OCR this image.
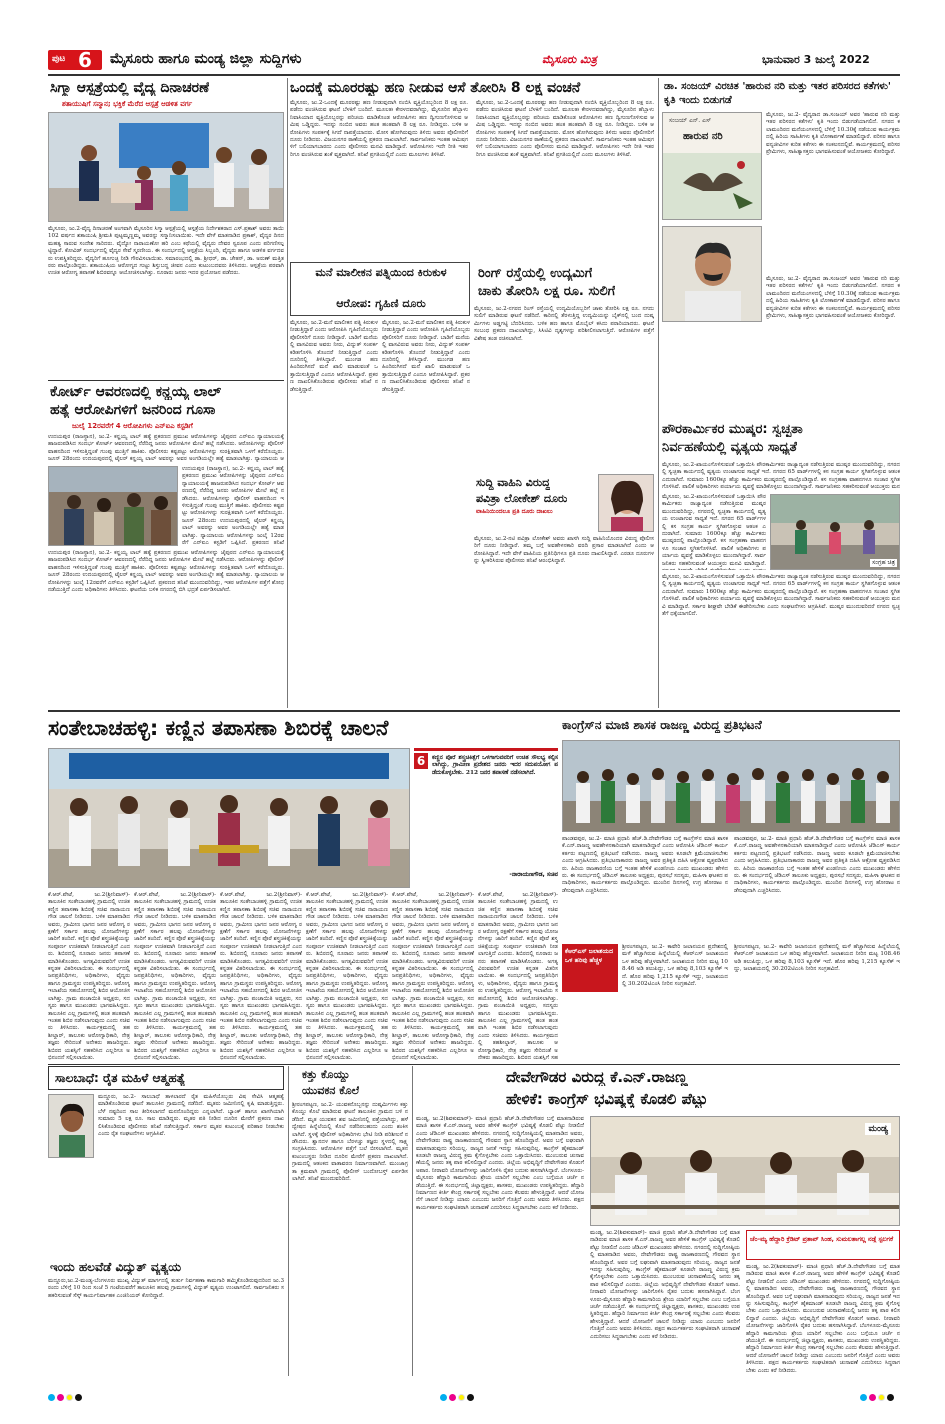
ಪುಟ 6 ಮೈಸೂರು ಹಾಗೂ ಮಂಡ್ಯ ಜಿಲ್ಲಾ ಸುದ್ದಿಗಳು	ಮೈಸೂರು ಮಿತ್ರ	ಭಾನುವಾರ 3 ಜುಲೈ 2022
ಸಿಗ್ಮಾ ಆಸ್ಪತ್ರೆಯಲ್ಲಿ ವೈದ್ಯ ದಿನಾಚರಣೆ
ಶತಾಯುಷಿಗೆ ಸನ್ಮಾನ; ಭಕ್ತಿಕೆ ಮೆರೆದ ಆಸ್ಪತ್ರೆ ಆಡಳಿತ ವರ್ಗ
ಮೈಸೂರು, ಜು.2-ವೈದ್ಯ ದಿನಾಚರಣೆ ಅಂಗವಾಗಿ ಮೈಸೂರಿನ ಸಿಗ್ಮಾ ಆಸ್ಪತ್ರೆಯಲ್ಲಿ ಆಸ್ಪತ್ರೆಯ ನಿರ್ದೇಶಕರಾದ ಎಸ್.ಪ್ರಕಾಶ್ ಅವರು ತಾಯಿ 102 ವರ್ಷದ ಶತಾಯುಷಿ ಶ್ರೀಮತಿ ಪುಟ್ಟಮ್ಮಣ್ಣಮ್ಮ ಅವರನ್ನು ಸನ್ಮಾನಿಸಲಾಯಿತು. ಇದೇ ವೇಳೆ ಮಾತನಾಡಿದ ಪ್ರಕಾಶ್, ವೈದ್ಯರ ದಿನದ ಮಹತ್ವ ಸಾರುವ ಸಂದೇಶ ಸಾರಿದರು. ವೈದ್ಯೋ ನಾರಾಯಣೋ ಹರಿ ಎಂಬ ಕಥೆಯಲ್ಲಿ ವೈದ್ಯರು ದೇವರ ಸ್ವರೂಪ ಎಂದು ಪರಿಗಣಿಸಲ್ಪಟ್ಟಿದ್ದಾರೆ. ಕೋವಿಡ್ ಸಂದರ್ಭದಲ್ಲಿ ವೈದ್ಯರ ಸೇವೆ ಸ್ಮರಣೀಯ. ಈ ಸಂದರ್ಭದಲ್ಲಿ ಆಸ್ಪತ್ರೆಯ ಸಿಬ್ಬಂದಿ, ವೈದ್ಯರು ಹಾಗೂ ಆಡಳಿತ ವರ್ಗದವರು ಉಪಸ್ಥಿತರಿದ್ದರು. ವೈದ್ಯರಿಗೆ ಹೂಗುಚ್ಛ ನೀಡಿ ಗೌರವಿಸಲಾಯಿತು. ಸಮಾರಂಭದಲ್ಲಿ ಡಾ. ಶ್ರೀಧರ್, ಡಾ. ಚೇತನ್, ಡಾ. ಅರುಣ್ ಮತ್ತಿತರರು ಪಾಲ್ಗೊಂಡಿದ್ದರು. ಶತಾಯುಷಿಯ ಆರೋಗ್ಯದ ಗುಟ್ಟು ಶಿಸ್ತುಬದ್ಧ ಜೀವನ ಎಂದು ಕುಟುಂಬದವರು ತಿಳಿಸಿದರು. ಆಸ್ಪತ್ರೆಯ ಪರವಾಗಿ ಉಚಿತ ಆರೋಗ್ಯ ತಪಾಸಣೆ ಶಿಬಿರವನ್ನೂ ಆಯೋಜಿಸಲಾಗಿತ್ತು. ನೂರಾರು ಜನರು ಇದರ ಪ್ರಯೋಜನ ಪಡೆದರು.
ಕೋರ್ಟ್ ಆವರಣದಲ್ಲಿ ಕನ್ಹಯ್ಯ ಲಾಲ್
ಹತ್ಯೆ ಆರೋಪಿಗಳಿಗೆ ಜನರಿಂದ ಗೂಸಾ
ಜುಲೈ 12ರವರೆಗೆ 4 ಆರೋಪಿಗಳು ಎನ್‌ಐಎ ಕಸ್ಟಡಿಗೆ
ಉದಯಪುರ (ರಾಜಸ್ಥಾನ), ಜು.2- ಕನ್ಹಯ್ಯ ಲಾಲ್ ಹತ್ಯೆ ಪ್ರಕರಣದ ಪ್ರಮುಖ ಆರೋಪಿಗಳನ್ನು ಜೈಪುರದ ಎನ್‌ಐಎ ನ್ಯಾಯಾಲಯಕ್ಕೆ ಹಾಜರುಪಡಿಸಿದ ಸಂದರ್ಭ ಕೋರ್ಟ್ ಆವರಣದಲ್ಲಿ ನೆರೆದಿದ್ದ ಜನರು ಆರೋಪಿಗಳ ಮೇಲೆ ಹಲ್ಲೆ ನಡೆಸಿದರು. ಆರೋಪಿಗಳನ್ನು ಪೊಲೀಸ್ ವಾಹನದಿಂದ ಇಳಿಸುತ್ತಿದ್ದಂತೆ ಗುಂಪು ಮುತ್ತಿಗೆ ಹಾಕಿತು. ಪೊಲೀಸರು ಕಷ್ಟಪಟ್ಟು ಆರೋಪಿಗಳನ್ನು ಸುರಕ್ಷಿತವಾಗಿ ಒಳಗೆ ಕರೆದೊಯ್ದರು. ಜೂನ್ 28ರಂದು ಉದಯಪುರದಲ್ಲಿ ಟೈಲರ್ ಕನ್ಹಯ್ಯ ಲಾಲ್ ಅವರನ್ನು ಅವರ ಅಂಗಡಿಯಲ್ಲೇ ಹತ್ಯೆ ಮಾಡಲಾಗಿತ್ತು. ನ್ಯಾಯಾಲಯ ಆ
ಉದಯಪುರ (ರಾಜಸ್ಥಾನ), ಜು.2- ಕನ್ಹಯ್ಯ ಲಾಲ್ ಹತ್ಯೆ ಪ್ರಕರಣದ ಪ್ರಮುಖ ಆರೋಪಿಗಳನ್ನು ಜೈಪುರದ ಎನ್‌ಐಎ ನ್ಯಾಯಾಲಯಕ್ಕೆ ಹಾಜರುಪಡಿಸಿದ ಸಂದರ್ಭ ಕೋರ್ಟ್ ಆವರಣದಲ್ಲಿ ನೆರೆದಿದ್ದ ಜನರು ಆರೋಪಿಗಳ ಮೇಲೆ ಹಲ್ಲೆ ನಡೆಸಿದರು. ಆರೋಪಿಗಳನ್ನು ಪೊಲೀಸ್ ವಾಹನದಿಂದ ಇಳಿಸುತ್ತಿದ್ದಂತೆ ಗುಂಪು ಮುತ್ತಿಗೆ ಹಾಕಿತು. ಪೊಲೀಸರು ಕಷ್ಟಪಟ್ಟು ಆರೋಪಿಗಳನ್ನು ಸುರಕ್ಷಿತವಾಗಿ ಒಳಗೆ ಕರೆದೊಯ್ದರು. ಜೂನ್ 28ರಂದು ಉದಯಪುರದಲ್ಲಿ ಟೈಲರ್ ಕನ್ಹಯ್ಯ ಲಾಲ್ ಅವರನ್ನು ಅವರ ಅಂಗಡಿಯಲ್ಲೇ ಹತ್ಯೆ ಮಾಡಲಾಗಿತ್ತು. ನ್ಯಾಯಾಲಯ ಆರೋಪಿಗಳನ್ನು ಜುಲೈ 12ರವರೆಗೆ ಎನ್‌ಐಎ ಕಸ್ಟಡಿಗೆ ಒಪ್ಪಿಸಿದೆ. ಪ್ರಕರಣದ ತನಿಖೆ
ಉದಯಪುರ (ರಾಜಸ್ಥಾನ), ಜು.2- ಕನ್ಹಯ್ಯ ಲಾಲ್ ಹತ್ಯೆ ಪ್ರಕರಣದ ಪ್ರಮುಖ ಆರೋಪಿಗಳನ್ನು ಜೈಪುರದ ಎನ್‌ಐಎ ನ್ಯಾಯಾಲಯಕ್ಕೆ ಹಾಜರುಪಡಿಸಿದ ಸಂದರ್ಭ ಕೋರ್ಟ್ ಆವರಣದಲ್ಲಿ ನೆರೆದಿದ್ದ ಜನರು ಆರೋಪಿಗಳ ಮೇಲೆ ಹಲ್ಲೆ ನಡೆಸಿದರು. ಆರೋಪಿಗಳನ್ನು ಪೊಲೀಸ್ ವಾಹನದಿಂದ ಇಳಿಸುತ್ತಿದ್ದಂತೆ ಗುಂಪು ಮುತ್ತಿಗೆ ಹಾಕಿತು. ಪೊಲೀಸರು ಕಷ್ಟಪಟ್ಟು ಆರೋಪಿಗಳನ್ನು ಸುರಕ್ಷಿತವಾಗಿ ಒಳಗೆ ಕರೆದೊಯ್ದರು. ಜೂನ್ 28ರಂದು ಉದಯಪುರದಲ್ಲಿ ಟೈಲರ್ ಕನ್ಹಯ್ಯ ಲಾಲ್ ಅವರನ್ನು ಅವರ ಅಂಗಡಿಯಲ್ಲೇ ಹತ್ಯೆ ಮಾಡಲಾಗಿತ್ತು. ನ್ಯಾಯಾಲಯ ಆರೋಪಿಗಳನ್ನು ಜುಲೈ 12ರವರೆಗೆ ಎನ್‌ಐಎ ಕಸ್ಟಡಿಗೆ ಒಪ್ಪಿಸಿದೆ. ಪ್ರಕರಣದ ತನಿಖೆ ಮುಂದುವರಿದಿದ್ದು, ಇತರ ಆರೋಪಿಗಳ ಪತ್ತೆಗೆ ಶೋಧ ನಡೆಯುತ್ತಿದೆ ಎಂದು ಅಧಿಕಾರಿಗಳು ತಿಳಿಸಿದರು. ಘಟನೆಯ ಬಳಿಕ ನಗರದಲ್ಲಿ ಬಿಗಿ ಭದ್ರತೆ ಏರ್ಪಡಿಸಲಾಗಿದೆ.
ಒಂದಕ್ಕೆ ಮೂರರಷ್ಟು ಹಣ ನೀಡುವ ಆಸೆ ತೋರಿಸಿ 8 ಲಕ್ಷ ವಂಚನೆ
ಮೈಸೂರು, ಜು.2-ಒಂದಕ್ಕೆ ಮೂರರಷ್ಟು ಹಣ ನೀಡುವುದಾಗಿ ನಂಬಿಸಿ ವ್ಯಕ್ತಿಯೊಬ್ಬರಿಂದ 8 ಲಕ್ಷ ರೂ. ಪಡೆದು ವಂಚಿಸಿರುವ ಘಟನೆ ಬೆಳಕಿಗೆ ಬಂದಿದೆ. ಮೂಲತಃ ಕೇರಳದವರಾಗಿದ್ದು, ಮೈಸೂರಿನ ಹೆಬ್ಬಾಳು ನಿವಾಸಿಯಾದ ವ್ಯಕ್ತಿಯೊಬ್ಬರನ್ನು ಪರಿಚಯ ಮಾಡಿಕೊಂಡ ಆರೋಪಿಗಳು ಹಣ ದ್ವಿಗುಣಗೊಳಿಸುವ ಆಮಿಷ ಒಡ್ಡಿದ್ದರು. ಇದನ್ನು ನಂಬಿದ ಅವರು ಹಂತ ಹಂತವಾಗಿ 8 ಲಕ್ಷ ರೂ. ನೀಡಿದ್ದರು. ಬಳಿಕ ಆರೋಪಿಗಳು ಸಂಪರ್ಕಕ್ಕೆ ಸಿಗದೆ ನಾಪತ್ತೆಯಾದರು. ಮೋಸ ಹೋಗಿರುವುದು ತಿಳಿದು ಅವರು ಪೊಲೀಸರಿಗೆ ದೂರು ನೀಡಿದರು. ವಿಜಯನಗರ ಠಾಣೆಯಲ್ಲಿ ಪ್ರಕರಣ ದಾಖಲಾಗಿದೆ. ಸಾರ್ವಜನಿಕರು ಇಂತಹ ಆಮಿಷಗಳಿಗೆ ಬಲಿಯಾಗಬಾರದು ಎಂದು ಪೊಲೀಸರು ಮನವಿ ಮಾಡಿದ್ದಾರೆ. ಆರೋಪಿಗಳು ಇದೇ ರೀತಿ ಇತರರಿಗೂ ವಂಚಿಸಿರುವ ಶಂಕೆ ವ್ಯಕ್ತವಾಗಿದೆ. ತನಿಖೆ ಪ್ರಗತಿಯಲ್ಲಿದೆ ಎಂದು ಮೂಲಗಳು ತಿಳಿಸಿವೆ.
ಮೈಸೂರು, ಜು.2-ಒಂದಕ್ಕೆ ಮೂರರಷ್ಟು ಹಣ ನೀಡುವುದಾಗಿ ನಂಬಿಸಿ ವ್ಯಕ್ತಿಯೊಬ್ಬರಿಂದ 8 ಲಕ್ಷ ರೂ. ಪಡೆದು ವಂಚಿಸಿರುವ ಘಟನೆ ಬೆಳಕಿಗೆ ಬಂದಿದೆ. ಮೂಲತಃ ಕೇರಳದವರಾಗಿದ್ದು, ಮೈಸೂರಿನ ಹೆಬ್ಬಾಳು ನಿವಾಸಿಯಾದ ವ್ಯಕ್ತಿಯೊಬ್ಬರನ್ನು ಪರಿಚಯ ಮಾಡಿಕೊಂಡ ಆರೋಪಿಗಳು ಹಣ ದ್ವಿಗುಣಗೊಳಿಸುವ ಆಮಿಷ ಒಡ್ಡಿದ್ದರು. ಇದನ್ನು ನಂಬಿದ ಅವರು ಹಂತ ಹಂತವಾಗಿ 8 ಲಕ್ಷ ರೂ. ನೀಡಿದ್ದರು. ಬಳಿಕ ಆರೋಪಿಗಳು ಸಂಪರ್ಕಕ್ಕೆ ಸಿಗದೆ ನಾಪತ್ತೆಯಾದರು. ಮೋಸ ಹೋಗಿರುವುದು ತಿಳಿದು ಅವರು ಪೊಲೀಸರಿಗೆ ದೂರು ನೀಡಿದರು. ವಿಜಯನಗರ ಠಾಣೆಯಲ್ಲಿ ಪ್ರಕರಣ ದಾಖಲಾಗಿದೆ. ಸಾರ್ವಜನಿಕರು ಇಂತಹ ಆಮಿಷಗಳಿಗೆ ಬಲಿಯಾಗಬಾರದು ಎಂದು ಪೊಲೀಸರು ಮನವಿ ಮಾಡಿದ್ದಾರೆ. ಆರೋಪಿಗಳು ಇದೇ ರೀತಿ ಇತರರಿಗೂ ವಂಚಿಸಿರುವ ಶಂಕೆ ವ್ಯಕ್ತವಾಗಿದೆ. ತನಿಖೆ ಪ್ರಗತಿಯಲ್ಲಿದೆ ಎಂದು ಮೂಲಗಳು ತಿಳಿಸಿವೆ.
ಮನೆ ಮಾಲೀಕನ ಪತ್ನಿಯಿಂದ ಕಿರುಕುಳ
ಆರೋಪ: ಗೃಹಿಣಿ ದೂರು
ಮೈಸೂರು, ಜು.2-ಮನೆ ಮಾಲೀಕನ ಪತ್ನಿ ಕಿರುಕುಳ ನೀಡುತ್ತಿದ್ದಾರೆ ಎಂದು ಆರೋಪಿಸಿ ಗೃಹಿಣಿಯೊಬ್ಬರು ಪೊಲೀಸರಿಗೆ ದೂರು ನೀಡಿದ್ದಾರೆ. ಬಾಡಿಗೆ ಮನೆಯಲ್ಲಿ ವಾಸವಿರುವ ಅವರು ನೀರು, ವಿದ್ಯುತ್ ಸಂಪರ್ಕ ಕಡಿತಗೊಳಿಸಿ ತೊಂದರೆ ನೀಡುತ್ತಿದ್ದಾರೆ ಎಂದು ದೂರಿನಲ್ಲಿ ತಿಳಿಸಿದ್ದಾರೆ. ಮುಂಗಡ ಹಣ ಹಿಂದಿರುಗಿಸದೆ ಮನೆ ಖಾಲಿ ಮಾಡುವಂತೆ ಒತ್ತಾಯಿಸುತ್ತಿದ್ದಾರೆ ಎಂದೂ ಆರೋಪಿಸಿದ್ದಾರೆ. ಪ್ರಕರಣ ದಾಖಲಿಸಿಕೊಂಡಿರುವ ಪೊಲೀಸರು ತನಿಖೆ ನಡೆಸುತ್ತಿದ್ದಾರೆ.
ಮೈಸೂರು, ಜು.2-ಮನೆ ಮಾಲೀಕನ ಪತ್ನಿ ಕಿರುಕುಳ ನೀಡುತ್ತಿದ್ದಾರೆ ಎಂದು ಆರೋಪಿಸಿ ಗೃಹಿಣಿಯೊಬ್ಬರು ಪೊಲೀಸರಿಗೆ ದೂರು ನೀಡಿದ್ದಾರೆ. ಬಾಡಿಗೆ ಮನೆಯಲ್ಲಿ ವಾಸವಿರುವ ಅವರು ನೀರು, ವಿದ್ಯುತ್ ಸಂಪರ್ಕ ಕಡಿತಗೊಳಿಸಿ ತೊಂದರೆ ನೀಡುತ್ತಿದ್ದಾರೆ ಎಂದು ದೂರಿನಲ್ಲಿ ತಿಳಿಸಿದ್ದಾರೆ. ಮುಂಗಡ ಹಣ ಹಿಂದಿರುಗಿಸದೆ ಮನೆ ಖಾಲಿ ಮಾಡುವಂತೆ ಒತ್ತಾಯಿಸುತ್ತಿದ್ದಾರೆ ಎಂದೂ ಆರೋಪಿಸಿದ್ದಾರೆ. ಪ್ರಕರಣ ದಾಖಲಿಸಿಕೊಂಡಿರುವ ಪೊಲೀಸರು ತನಿಖೆ ನಡೆಸುತ್ತಿದ್ದಾರೆ.
ರಿಂಗ್ ರಸ್ತೆಯಲ್ಲಿ ಉದ್ಯಮಿಗೆ
ಚಾಕು ತೋರಿಸಿ ಲಕ್ಷ ರೂ. ಸುಲಿಗೆ
ಮೈಸೂರು, ಜು.2-ನಗರದ ರಿಂಗ್ ರಸ್ತೆಯಲ್ಲಿ ಉದ್ಯಮಿಯೊಬ್ಬರಿಗೆ ಚಾಕು ತೋರಿಸಿ ಲಕ್ಷ ರೂ. ನಗದು ಸುಲಿಗೆ ಮಾಡಿರುವ ಘಟನೆ ನಡೆದಿದೆ. ಕಾರಿನಲ್ಲಿ ತೆರಳುತ್ತಿದ್ದ ಉದ್ಯಮಿಯನ್ನು ಬೈಕ್‌ನಲ್ಲಿ ಬಂದ ದುಷ್ಕರ್ಮಿಗಳು ಅಡ್ಡಗಟ್ಟಿ ಬೆದರಿಸಿದರು. ಬಳಿಕ ಹಣ ಹಾಗೂ ಮೊಬೈಲ್ ಕಸಿದು ಪರಾರಿಯಾದರು. ಘಟನೆ ಸಂಬಂಧ ಪ್ರಕರಣ ದಾಖಲಾಗಿದ್ದು, ಸಿಸಿಟಿವಿ ದೃಶ್ಯಗಳನ್ನು ಪರಿಶೀಲಿಸಲಾಗುತ್ತಿದೆ. ಆರೋಪಿಗಳ ಪತ್ತೆಗೆ ವಿಶೇಷ ತಂಡ ರಚಿಸಲಾಗಿದೆ.
ಸುದ್ದಿ ವಾಹಿನಿ ವಿರುದ್ಧ
ಪವಿತ್ರಾ ಲೋಕೇಶ್ ದೂರು
ವಾಹಿನಿಯಿಂದಲೂ ಪ್ರತಿ ದೂರು ದಾಖಲು
ಮೈಸೂರು, ಜು.2-ನಟಿ ಪವಿತ್ರಾ ಲೋಕೇಶ್ ಅವರು ಖಾಸಗಿ ಸುದ್ದಿ ವಾಹಿನಿಯೊಂದರ ವಿರುದ್ಧ ಪೊಲೀಸರಿಗೆ ದೂರು ನೀಡಿದ್ದಾರೆ. ತಮ್ಮ ಬಗ್ಗೆ ಅವಹೇಳನಕಾರಿ ವರದಿ ಪ್ರಸಾರ ಮಾಡಲಾಗಿದೆ ಎಂದು ಆರೋಪಿಸಿದ್ದಾರೆ. ಇದೇ ವೇಳೆ ವಾಹಿನಿಯ ಪ್ರತಿನಿಧಿಗಳೂ ಪ್ರತಿ ದೂರು ದಾಖಲಿಸಿದ್ದಾರೆ. ಎರಡೂ ದೂರುಗಳನ್ನು ಸ್ವೀಕರಿಸಿರುವ ಪೊಲೀಸರು ತನಿಖೆ ಆರಂಭಿಸಿದ್ದಾರೆ.
ಡಾ. ಸಂಜಯ್ ವಿರಚಿತ 'ಹಾರುವ ನರಿ ಮತ್ತು ಇತರ ಪರಿಸರದ ಕತೆಗಳು' ಕೃತಿ ಇಂದು ಬಿಡುಗಡೆ
ಸಂಜಯ್ ಎನ್. ಎಸ್
ಹಾರುವ ನರಿ
ಮೈಸೂರು, ಜು.2- ವೈದ್ಯರಾದ ಡಾ.ಸಂಜಯ್ ಅವರ 'ಹಾರುವ ನರಿ ಮತ್ತು ಇತರ ಪರಿಸರದ ಕತೆಗಳು' ಕೃತಿ ಇಂದು ಬಿಡುಗಡೆಯಾಗಲಿದೆ. ನಗರದ ಕಲಾಮಂದಿರದ ಮನೆಯಂಗಳದಲ್ಲಿ ಬೆಳಿಗ್ಗೆ 10.30ಕ್ಕೆ ನಡೆಯುವ ಕಾರ್ಯಕ್ರಮದಲ್ಲಿ ಹಿರಿಯ ಸಾಹಿತಿಗಳು ಕೃತಿ ಲೋಕಾರ್ಪಣೆ ಮಾಡಲಿದ್ದಾರೆ. ಪರಿಸರ ಹಾಗೂ ವನ್ಯಜೀವಿಗಳ ಕುರಿತ ಕತೆಗಳು ಈ ಸಂಕಲನದಲ್ಲಿವೆ. ಕಾರ್ಯಕ್ರಮದಲ್ಲಿ ಪರಿಸರ ಪ್ರೇಮಿಗಳು, ಸಾಹಿತ್ಯಾಸಕ್ತರು ಭಾಗವಹಿಸುವಂತೆ ಆಯೋಜಕರು ಕೋರಿದ್ದಾರೆ.
ಮೈಸೂರು, ಜು.2- ವೈದ್ಯರಾದ ಡಾ.ಸಂಜಯ್ ಅವರ 'ಹಾರುವ ನರಿ ಮತ್ತು ಇತರ ಪರಿಸರದ ಕತೆಗಳು' ಕೃತಿ ಇಂದು ಬಿಡುಗಡೆಯಾಗಲಿದೆ. ನಗರದ ಕಲಾಮಂದಿರದ ಮನೆಯಂಗಳದಲ್ಲಿ ಬೆಳಿಗ್ಗೆ 10.30ಕ್ಕೆ ನಡೆಯುವ ಕಾರ್ಯಕ್ರಮದಲ್ಲಿ ಹಿರಿಯ ಸಾಹಿತಿಗಳು ಕೃತಿ ಲೋಕಾರ್ಪಣೆ ಮಾಡಲಿದ್ದಾರೆ. ಪರಿಸರ ಹಾಗೂ ವನ್ಯಜೀವಿಗಳ ಕುರಿತ ಕತೆಗಳು ಈ ಸಂಕಲನದಲ್ಲಿವೆ. ಕಾರ್ಯಕ್ರಮದಲ್ಲಿ ಪರಿಸರ ಪ್ರೇಮಿಗಳು, ಸಾಹಿತ್ಯಾಸಕ್ತರು ಭಾಗವಹಿಸುವಂತೆ ಆಯೋಜಕರು ಕೋರಿದ್ದಾರೆ.
ಪೌರಕಾರ್ಮಿಕರ ಮುಷ್ಕರ: ಸ್ವಚ್ಛತಾ
ನಿರ್ವಹಣೆಯಲ್ಲಿ ವ್ಯತ್ಯಯ ಸಾಧ್ಯತೆ
ಮೈಸೂರು, ಜು.2-ಖಾಯಂಗೊಳಿಸುವಂತೆ ಒತ್ತಾಯಿಸಿ ಪೌರಕಾರ್ಮಿಕರು ರಾಜ್ಯಾದ್ಯಂತ ನಡೆಸುತ್ತಿರುವ ಮುಷ್ಕರ ಮುಂದುವರಿದಿದ್ದು, ನಗರದಲ್ಲಿ ಸ್ವಚ್ಛತಾ ಕಾರ್ಯದಲ್ಲಿ ವ್ಯತ್ಯಯ ಉಂಟಾಗುವ ಸಾಧ್ಯತೆ ಇದೆ. ನಗರದ 65 ವಾರ್ಡ್‌ಗಳಲ್ಲಿ ಕಸ ಸಂಗ್ರಹ ಕಾರ್ಯ ಸ್ಥಗಿತಗೊಳ್ಳುವ ಆತಂಕ ಎದುರಾಗಿದೆ. ಸುಮಾರು 1600ಕ್ಕೂ ಹೆಚ್ಚು ಕಾರ್ಮಿಕರು ಮುಷ್ಕರದಲ್ಲಿ ಪಾಲ್ಗೊಂಡಿದ್ದಾರೆ. ಕಸ ಸಂಗ್ರಹಣಾ ವಾಹನಗಳೂ ಸಂಚಾರ ಸ್ಥಗಿತಗೊಳಿಸಿವೆ. ಪಾಲಿಕೆ ಅಧಿಕಾರಿಗಳು ಪರ್ಯಾಯ ವ್ಯವಸ್ಥೆ ಮಾಡಿಕೊಳ್ಳಲು ಮುಂದಾಗಿದ್ದಾರೆ. ಸಾರ್ವಜನಿಕರು ಸಹಕರಿಸುವಂತೆ ಆಯುಕ್ತರು ಮನ
ಮೈಸೂರು, ಜು.2-ಖಾಯಂಗೊಳಿಸುವಂತೆ ಒತ್ತಾಯಿಸಿ ಪೌರಕಾರ್ಮಿಕರು ರಾಜ್ಯಾದ್ಯಂತ ನಡೆಸುತ್ತಿರುವ ಮುಷ್ಕರ ಮುಂದುವರಿದಿದ್ದು, ನಗರದಲ್ಲಿ ಸ್ವಚ್ಛತಾ ಕಾರ್ಯದಲ್ಲಿ ವ್ಯತ್ಯಯ ಉಂಟಾಗುವ ಸಾಧ್ಯತೆ ಇದೆ. ನಗರದ 65 ವಾರ್ಡ್‌ಗಳಲ್ಲಿ ಕಸ ಸಂಗ್ರಹ ಕಾರ್ಯ ಸ್ಥಗಿತಗೊಳ್ಳುವ ಆತಂಕ ಎದುರಾಗಿದೆ. ಸುಮಾರು 1600ಕ್ಕೂ ಹೆಚ್ಚು ಕಾರ್ಮಿಕರು ಮುಷ್ಕರದಲ್ಲಿ ಪಾಲ್ಗೊಂಡಿದ್ದಾರೆ. ಕಸ ಸಂಗ್ರಹಣಾ ವಾಹನಗಳೂ ಸಂಚಾರ ಸ್ಥಗಿತಗೊಳಿಸಿವೆ. ಪಾಲಿಕೆ ಅಧಿಕಾರಿಗಳು ಪರ್ಯಾಯ ವ್ಯವಸ್ಥೆ ಮಾಡಿಕೊಳ್ಳಲು ಮುಂದಾಗಿದ್ದಾರೆ. ಸಾರ್ವಜನಿಕರು ಸಹಕರಿಸುವಂತೆ ಆಯುಕ್ತರು ಮನವಿ ಮಾಡಿದ್ದಾರೆ.	ಸಂಗ್ರಹ ಚಿತ್ರ
ಮೈಸೂರು, ಜು.2-ಖಾಯಂಗೊಳಿಸುವಂತೆ ಒತ್ತಾಯಿಸಿ ಪೌರಕಾರ್ಮಿಕರು ರಾಜ್ಯಾದ್ಯಂತ ನಡೆಸುತ್ತಿರುವ ಮುಷ್ಕರ ಮುಂದುವರಿದಿದ್ದು, ನಗರದಲ್ಲಿ ಸ್ವಚ್ಛತಾ ಕಾರ್ಯದಲ್ಲಿ ವ್ಯತ್ಯಯ ಉಂಟಾಗುವ ಸಾಧ್ಯತೆ ಇದೆ. ನಗರದ 65 ವಾರ್ಡ್‌ಗಳಲ್ಲಿ ಕಸ ಸಂಗ್ರಹ ಕಾರ್ಯ ಸ್ಥಗಿತಗೊಳ್ಳುವ ಆತಂಕ ಎದುರಾಗಿದೆ. ಸುಮಾರು 1600ಕ್ಕೂ ಹೆಚ್ಚು ಕಾರ್ಮಿಕರು ಮುಷ್ಕರದಲ್ಲಿ ಪಾಲ್ಗೊಂಡಿದ್ದಾರೆ. ಕಸ ಸಂಗ್ರಹಣಾ ವಾಹನಗಳೂ ಸಂಚಾರ ಸ್ಥಗಿತಗೊಳಿಸಿವೆ. ಪಾಲಿಕೆ ಅಧಿಕಾರಿಗಳು ಪರ್ಯಾಯ ವ್ಯವಸ್ಥೆ ಮಾಡಿಕೊಳ್ಳಲು ಮುಂದಾಗಿದ್ದಾರೆ. ಸಾರ್ವಜನಿಕರು ಸಹಕರಿಸುವಂತೆ ಆಯುಕ್ತರು ಮನವಿ ಮಾಡಿದ್ದಾರೆ. ಸರ್ಕಾರ ಶೀಘ್ರವೇ ಬೇಡಿಕೆ ಈಡೇರಿಸಬೇಕು ಎಂದು ಸಂಘಟನೆಗಳು ಆಗ್ರಹಿಸಿವೆ. ಮುಷ್ಕರ ಮುಂದುವರಿದರೆ ನಗರದ ಸ್ವಚ್ಛತೆಗೆ ಧಕ್ಕೆಯಾಗಲಿದೆ.
ಸಂತೇಬಾಚಹಳ್ಳಿ: ಕಣ್ಣಿನ ತಪಾಸಣಾ ಶಿಬಿರಕ್ಕೆ ಚಾಲನೆ
6	ಕಣ್ಣಿನ ಪೊರೆ ಶಸ್ತ್ರಚಿಕಿತ್ಸೆಗೆ ಒಳಗಾಗುವವರಿಗೆ ಉಚಿತ ಸೌಲಭ್ಯ ಕಲ್ಪಿಸಲಾಗಿದ್ದು, ಗ್ರಾಮೀಣ ಪ್ರದೇಶದ ಜನರು ಇದರ ಸದುಪಯೋಗ ಪಡೆದುಕೊಳ್ಳಬೇಕು. 212 ಜನರ ತಪಾಸಣೆ ನಡೆಸಲಾಗಿದೆ.
-ನಾರಾಯಣಗೌಡ, ಸಚಿವ
ಕೆ.ಆರ್.ಪೇಟೆ, ಜು.2(ಶ್ರೀನಿವಾಸ್)- ತಾಲೂಕಿನ ಸಂತೇಬಾಚಹಳ್ಳಿ ಗ್ರಾಮದಲ್ಲಿ ಉಚಿತ ಕಣ್ಣಿನ ತಪಾಸಣಾ ಶಿಬಿರಕ್ಕೆ ಸಚಿವ ನಾರಾಯಣಗೌಡ ಚಾಲನೆ ನೀಡಿದರು. ಬಳಿಕ ಮಾತನಾಡಿದ ಅವರು, ಗ್ರಾಮೀಣ ಭಾಗದ ಜನರ ಆರೋಗ್ಯ ರಕ್ಷಣೆಗೆ ಸರ್ಕಾರ ಹಲವು ಯೋಜನೆಗಳನ್ನು ಜಾರಿಗೆ ತಂದಿದೆ. ಕಣ್ಣಿನ ಪೊರೆ ಶಸ್ತ್ರಚಿಕಿತ್ಸೆಯನ್ನು ಸಂಪೂರ್ಣ ಉಚಿತವಾಗಿ ನೀಡಲಾಗುತ್ತಿದೆ ಎಂದರು. ಶಿಬಿರದಲ್ಲಿ ನೂರಾರು ಜನರು ತಪಾಸಣೆ ಮಾಡಿಸಿಕೊಂಡರು. ಅಗತ್ಯವಿರುವವರಿಗೆ ಉಚಿತ ಕನ್ನಡಕ ವಿತರಿಸಲಾಯಿತು. ಈ ಸಂದರ್ಭದಲ್ಲಿ ಜನಪ್ರತಿನಿಧಿಗಳು, ಅಧಿಕಾರಿಗಳು, ವೈದ್ಯರು ಹಾಗೂ ಗ್ರಾಮಸ್ಥರು ಉಪಸ್ಥಿತರಿದ್ದರು. ಆರೋಗ್ಯ ಇಲಾಖೆಯ ಸಹಯೋಗದಲ್ಲಿ ಶಿಬಿರ ಆಯೋಜಿಸಲಾಗಿತ್ತು. ಗ್ರಾಮ ಪಂಚಾಯಿತಿ ಅಧ್ಯಕ್ಷರು, ಸದಸ್ಯರು ಹಾಗೂ ಮುಖಂಡರು ಭಾಗವಹಿಸಿದ್ದರು. ತಾಲೂಕಿನ ಎಲ್ಲ ಗ್ರಾಮಗಳಲ್ಲಿ ಹಂತ ಹಂತವಾಗಿ ಇಂತಹ ಶಿಬಿರ ನಡೆಸಲಾಗುವುದು ಎಂದು ಸಚಿವರು ತಿಳಿಸಿದರು. ಕಾರ್ಯಕ್ರಮದಲ್ಲಿ ತಹಶೀಲ್ದಾರ್, ತಾಲೂಕು ಆರೋಗ್ಯಾಧಿಕಾರಿ, ನೇತ್ರ ತಜ್ಞರು ಸೇರಿದಂತೆ ಅನೇಕರು ಹಾಜರಿದ್ದರು. ಶಿಬಿರದ ಯಶಸ್ಸಿಗೆ ಸಹಕರಿಸಿದ ಎಲ್ಲರಿಗೂ ಅಭಿನಂದನೆ ಸಲ್ಲಿಸಲಾಯಿತು.
ಕೆ.ಆರ್.ಪೇಟೆ, ಜು.2(ಶ್ರೀನಿವಾಸ್)- ತಾಲೂಕಿನ ಸಂತೇಬಾಚಹಳ್ಳಿ ಗ್ರಾಮದಲ್ಲಿ ಉಚಿತ ಕಣ್ಣಿನ ತಪಾಸಣಾ ಶಿಬಿರಕ್ಕೆ ಸಚಿವ ನಾರಾಯಣಗೌಡ ಚಾಲನೆ ನೀಡಿದರು. ಬಳಿಕ ಮಾತನಾಡಿದ ಅವರು, ಗ್ರಾಮೀಣ ಭಾಗದ ಜನರ ಆರೋಗ್ಯ ರಕ್ಷಣೆಗೆ ಸರ್ಕಾರ ಹಲವು ಯೋಜನೆಗಳನ್ನು ಜಾರಿಗೆ ತಂದಿದೆ. ಕಣ್ಣಿನ ಪೊರೆ ಶಸ್ತ್ರಚಿಕಿತ್ಸೆಯನ್ನು ಸಂಪೂರ್ಣ ಉಚಿತವಾಗಿ ನೀಡಲಾಗುತ್ತಿದೆ ಎಂದರು. ಶಿಬಿರದಲ್ಲಿ ನೂರಾರು ಜನರು ತಪಾಸಣೆ ಮಾಡಿಸಿಕೊಂಡರು. ಅಗತ್ಯವಿರುವವರಿಗೆ ಉಚಿತ ಕನ್ನಡಕ ವಿತರಿಸಲಾಯಿತು. ಈ ಸಂದರ್ಭದಲ್ಲಿ ಜನಪ್ರತಿನಿಧಿಗಳು, ಅಧಿಕಾರಿಗಳು, ವೈದ್ಯರು ಹಾಗೂ ಗ್ರಾಮಸ್ಥರು ಉಪಸ್ಥಿತರಿದ್ದರು. ಆರೋಗ್ಯ ಇಲಾಖೆಯ ಸಹಯೋಗದಲ್ಲಿ ಶಿಬಿರ ಆಯೋಜಿಸಲಾಗಿತ್ತು. ಗ್ರಾಮ ಪಂಚಾಯಿತಿ ಅಧ್ಯಕ್ಷರು, ಸದಸ್ಯರು ಹಾಗೂ ಮುಖಂಡರು ಭಾಗವಹಿಸಿದ್ದರು. ತಾಲೂಕಿನ ಎಲ್ಲ ಗ್ರಾಮಗಳಲ್ಲಿ ಹಂತ ಹಂತವಾಗಿ ಇಂತಹ ಶಿಬಿರ ನಡೆಸಲಾಗುವುದು ಎಂದು ಸಚಿವರು ತಿಳಿಸಿದರು. ಕಾರ್ಯಕ್ರಮದಲ್ಲಿ ತಹಶೀಲ್ದಾರ್, ತಾಲೂಕು ಆರೋಗ್ಯಾಧಿಕಾರಿ, ನೇತ್ರ ತಜ್ಞರು ಸೇರಿದಂತೆ ಅನೇಕರು ಹಾಜರಿದ್ದರು. ಶಿಬಿರದ ಯಶಸ್ಸಿಗೆ ಸಹಕರಿಸಿದ ಎಲ್ಲರಿಗೂ ಅಭಿನಂದನೆ ಸಲ್ಲಿಸಲಾಯಿತು.
ಕೆ.ಆರ್.ಪೇಟೆ, ಜು.2(ಶ್ರೀನಿವಾಸ್)- ತಾಲೂಕಿನ ಸಂತೇಬಾಚಹಳ್ಳಿ ಗ್ರಾಮದಲ್ಲಿ ಉಚಿತ ಕಣ್ಣಿನ ತಪಾಸಣಾ ಶಿಬಿರಕ್ಕೆ ಸಚಿವ ನಾರಾಯಣಗೌಡ ಚಾಲನೆ ನೀಡಿದರು. ಬಳಿಕ ಮಾತನಾಡಿದ ಅವರು, ಗ್ರಾಮೀಣ ಭಾಗದ ಜನರ ಆರೋಗ್ಯ ರಕ್ಷಣೆಗೆ ಸರ್ಕಾರ ಹಲವು ಯೋಜನೆಗಳನ್ನು ಜಾರಿಗೆ ತಂದಿದೆ. ಕಣ್ಣಿನ ಪೊರೆ ಶಸ್ತ್ರಚಿಕಿತ್ಸೆಯನ್ನು ಸಂಪೂರ್ಣ ಉಚಿತವಾಗಿ ನೀಡಲಾಗುತ್ತಿದೆ ಎಂದರು. ಶಿಬಿರದಲ್ಲಿ ನೂರಾರು ಜನರು ತಪಾಸಣೆ ಮಾಡಿಸಿಕೊಂಡರು. ಅಗತ್ಯವಿರುವವರಿಗೆ ಉಚಿತ ಕನ್ನಡಕ ವಿತರಿಸಲಾಯಿತು. ಈ ಸಂದರ್ಭದಲ್ಲಿ ಜನಪ್ರತಿನಿಧಿಗಳು, ಅಧಿಕಾರಿಗಳು, ವೈದ್ಯರು ಹಾಗೂ ಗ್ರಾಮಸ್ಥರು ಉಪಸ್ಥಿತರಿದ್ದರು. ಆರೋಗ್ಯ ಇಲಾಖೆಯ ಸಹಯೋಗದಲ್ಲಿ ಶಿಬಿರ ಆಯೋಜಿಸಲಾಗಿತ್ತು. ಗ್ರಾಮ ಪಂಚಾಯಿತಿ ಅಧ್ಯಕ್ಷರು, ಸದಸ್ಯರು ಹಾಗೂ ಮುಖಂಡರು ಭಾಗವಹಿಸಿದ್ದರು. ತಾಲೂಕಿನ ಎಲ್ಲ ಗ್ರಾಮಗಳಲ್ಲಿ ಹಂತ ಹಂತವಾಗಿ ಇಂತಹ ಶಿಬಿರ ನಡೆಸಲಾಗುವುದು ಎಂದು ಸಚಿವರು ತಿಳಿಸಿದರು. ಕಾರ್ಯಕ್ರಮದಲ್ಲಿ ತಹಶೀಲ್ದಾರ್, ತಾಲೂಕು ಆರೋಗ್ಯಾಧಿಕಾರಿ, ನೇತ್ರ ತಜ್ಞರು ಸೇರಿದಂತೆ ಅನೇಕರು ಹಾಜರಿದ್ದರು. ಶಿಬಿರದ ಯಶಸ್ಸಿಗೆ ಸಹಕರಿಸಿದ ಎಲ್ಲರಿಗೂ ಅಭಿನಂದನೆ ಸಲ್ಲಿಸಲಾಯಿತು.
ಕೆ.ಆರ್.ಪೇಟೆ, ಜು.2(ಶ್ರೀನಿವಾಸ್)- ತಾಲೂಕಿನ ಸಂತೇಬಾಚಹಳ್ಳಿ ಗ್ರಾಮದಲ್ಲಿ ಉಚಿತ ಕಣ್ಣಿನ ತಪಾಸಣಾ ಶಿಬಿರಕ್ಕೆ ಸಚಿವ ನಾರಾಯಣಗೌಡ ಚಾಲನೆ ನೀಡಿದರು. ಬಳಿಕ ಮಾತನಾಡಿದ ಅವರು, ಗ್ರಾಮೀಣ ಭಾಗದ ಜನರ ಆರೋಗ್ಯ ರಕ್ಷಣೆಗೆ ಸರ್ಕಾರ ಹಲವು ಯೋಜನೆಗಳನ್ನು ಜಾರಿಗೆ ತಂದಿದೆ. ಕಣ್ಣಿನ ಪೊರೆ ಶಸ್ತ್ರಚಿಕಿತ್ಸೆಯನ್ನು ಸಂಪೂರ್ಣ ಉಚಿತವಾಗಿ ನೀಡಲಾಗುತ್ತಿದೆ ಎಂದರು. ಶಿಬಿರದಲ್ಲಿ ನೂರಾರು ಜನರು ತಪಾಸಣೆ ಮಾಡಿಸಿಕೊಂಡರು. ಅಗತ್ಯವಿರುವವರಿಗೆ ಉಚಿತ ಕನ್ನಡಕ ವಿತರಿಸಲಾಯಿತು. ಈ ಸಂದರ್ಭದಲ್ಲಿ ಜನಪ್ರತಿನಿಧಿಗಳು, ಅಧಿಕಾರಿಗಳು, ವೈದ್ಯರು ಹಾಗೂ ಗ್ರಾಮಸ್ಥರು ಉಪಸ್ಥಿತರಿದ್ದರು. ಆರೋಗ್ಯ ಇಲಾಖೆಯ ಸಹಯೋಗದಲ್ಲಿ ಶಿಬಿರ ಆಯೋಜಿಸಲಾಗಿತ್ತು. ಗ್ರಾಮ ಪಂಚಾಯಿತಿ ಅಧ್ಯಕ್ಷರು, ಸದಸ್ಯರು ಹಾಗೂ ಮುಖಂಡರು ಭಾಗವಹಿಸಿದ್ದರು. ತಾಲೂಕಿನ ಎಲ್ಲ ಗ್ರಾಮಗಳಲ್ಲಿ ಹಂತ ಹಂತವಾಗಿ ಇಂತಹ ಶಿಬಿರ ನಡೆಸಲಾಗುವುದು ಎಂದು ಸಚಿವರು ತಿಳಿಸಿದರು. ಕಾರ್ಯಕ್ರಮದಲ್ಲಿ ತಹಶೀಲ್ದಾರ್, ತಾಲೂಕು ಆರೋಗ್ಯಾಧಿಕಾರಿ, ನೇತ್ರ ತಜ್ಞರು ಸೇರಿದಂತೆ ಅನೇಕರು ಹಾಜರಿದ್ದರು. ಶಿಬಿರದ ಯಶಸ್ಸಿಗೆ ಸಹಕರಿಸಿದ ಎಲ್ಲರಿಗೂ ಅಭಿನಂದನೆ ಸಲ್ಲಿಸಲಾಯಿತು.
ಕೆ.ಆರ್.ಪೇಟೆ, ಜು.2(ಶ್ರೀನಿವಾಸ್)- ತಾಲೂಕಿನ ಸಂತೇಬಾಚಹಳ್ಳಿ ಗ್ರಾಮದಲ್ಲಿ ಉಚಿತ ಕಣ್ಣಿನ ತಪಾಸಣಾ ಶಿಬಿರಕ್ಕೆ ಸಚಿವ ನಾರಾಯಣಗೌಡ ಚಾಲನೆ ನೀಡಿದರು. ಬಳಿಕ ಮಾತನಾಡಿದ ಅವರು, ಗ್ರಾಮೀಣ ಭಾಗದ ಜನರ ಆರೋಗ್ಯ ರಕ್ಷಣೆಗೆ ಸರ್ಕಾರ ಹಲವು ಯೋಜನೆಗಳನ್ನು ಜಾರಿಗೆ ತಂದಿದೆ. ಕಣ್ಣಿನ ಪೊರೆ ಶಸ್ತ್ರಚಿಕಿತ್ಸೆಯನ್ನು ಸಂಪೂರ್ಣ ಉಚಿತವಾಗಿ ನೀಡಲಾಗುತ್ತಿದೆ ಎಂದರು. ಶಿಬಿರದಲ್ಲಿ ನೂರಾರು ಜನರು ತಪಾಸಣೆ ಮಾಡಿಸಿಕೊಂಡರು. ಅಗತ್ಯವಿರುವವರಿಗೆ ಉಚಿತ ಕನ್ನಡಕ ವಿತರಿಸಲಾಯಿತು. ಈ ಸಂದರ್ಭದಲ್ಲಿ ಜನಪ್ರತಿನಿಧಿಗಳು, ಅಧಿಕಾರಿಗಳು, ವೈದ್ಯರು ಹಾಗೂ ಗ್ರಾಮಸ್ಥರು ಉಪಸ್ಥಿತರಿದ್ದರು. ಆರೋಗ್ಯ ಇಲಾಖೆಯ ಸಹಯೋಗದಲ್ಲಿ ಶಿಬಿರ ಆಯೋಜಿಸಲಾಗಿತ್ತು. ಗ್ರಾಮ ಪಂಚಾಯಿತಿ ಅಧ್ಯಕ್ಷರು, ಸದಸ್ಯರು ಹಾಗೂ ಮುಖಂಡರು ಭಾಗವಹಿಸಿದ್ದರು. ತಾಲೂಕಿನ ಎಲ್ಲ ಗ್ರಾಮಗಳಲ್ಲಿ ಹಂತ ಹಂತವಾಗಿ ಇಂತಹ ಶಿಬಿರ ನಡೆಸಲಾಗುವುದು ಎಂದು ಸಚಿವರು ತಿಳಿಸಿದರು. ಕಾರ್ಯಕ್ರಮದಲ್ಲಿ ತಹಶೀಲ್ದಾರ್, ತಾಲೂಕು ಆರೋಗ್ಯಾಧಿಕಾರಿ, ನೇತ್ರ ತಜ್ಞರು ಸೇರಿದಂತೆ ಅನೇಕರು ಹಾಜರಿದ್ದರು. ಶಿಬಿರದ ಯಶಸ್ಸಿಗೆ ಸಹಕರಿಸಿದ ಎಲ್ಲರಿಗೂ ಅಭಿನಂದನೆ ಸಲ್ಲಿಸಲಾಯಿತು.
ಕೆ.ಆರ್.ಪೇಟೆ, ಜು.2(ಶ್ರೀನಿವಾಸ್)- ತಾಲೂಕಿನ ಸಂತೇಬಾಚಹಳ್ಳಿ ಗ್ರಾಮದಲ್ಲಿ ಉಚಿತ ಕಣ್ಣಿನ ತಪಾಸಣಾ ಶಿಬಿರಕ್ಕೆ ಸಚಿವ ನಾರಾಯಣಗೌಡ ಚಾಲನೆ ನೀಡಿದರು. ಬಳಿಕ ಮಾತನಾಡಿದ ಅವರು, ಗ್ರಾಮೀಣ ಭಾಗದ ಜನರ ಆರೋಗ್ಯ ರಕ್ಷಣೆಗೆ ಸರ್ಕಾರ ಹಲವು ಯೋಜನೆಗಳನ್ನು ಜಾರಿಗೆ ತಂದಿದೆ. ಕಣ್ಣಿನ ಪೊರೆ ಶಸ್ತ್ರಚಿಕಿತ್ಸೆಯನ್ನು ಸಂಪೂರ್ಣ ಉಚಿತವಾಗಿ ನೀಡಲಾಗುತ್ತಿದೆ ಎಂದರು. ಶಿಬಿರದಲ್ಲಿ ನೂರಾರು ಜನರು ತಪಾಸಣೆ ಮಾಡಿಸಿಕೊಂಡರು. ಅಗತ್ಯವಿರುವವರಿಗೆ ಉಚಿತ ಕನ್ನಡಕ ವಿತರಿಸಲಾಯಿತು. ಈ ಸಂದರ್ಭದಲ್ಲಿ ಜನಪ್ರತಿನಿಧಿಗಳು, ಅಧಿಕಾರಿಗಳು, ವೈದ್ಯರು ಹಾಗೂ ಗ್ರಾಮಸ್ಥರು ಉಪಸ್ಥಿತರಿದ್ದರು. ಆರೋಗ್ಯ ಇಲಾಖೆಯ ಸಹಯೋಗದಲ್ಲಿ ಶಿಬಿರ ಆಯೋಜಿಸಲಾಗಿತ್ತು. ಗ್ರಾಮ ಪಂಚಾಯಿತಿ ಅಧ್ಯಕ್ಷರು, ಸದಸ್ಯರು ಹಾಗೂ ಮುಖಂಡರು ಭಾಗವಹಿಸಿದ್ದರು. ತಾಲೂಕಿನ ಎಲ್ಲ ಗ್ರಾಮಗಳಲ್ಲಿ ಹಂತ ಹಂತವಾಗಿ ಇಂತಹ ಶಿಬಿರ ನಡೆಸಲಾಗುವುದು ಎಂದು ಸಚಿವರು ತಿಳಿಸಿದರು. ಕಾರ್ಯಕ್ರಮದಲ್ಲಿ ತಹಶೀಲ್ದಾರ್, ತಾಲೂಕು ಆರೋಗ್ಯಾಧಿಕಾರಿ, ನೇತ್ರ ತಜ್ಞರು ಸೇರಿದಂತೆ ಅನೇಕರು ಹಾಜರಿದ್ದರು. ಶಿಬಿರದ ಯಶಸ್ಸಿಗೆ ಸಹ
ಕಾಂಗ್ರೆಸ್‌ನ ಮಾಜಿ ಶಾಸಕ ರಾಜಣ್ಣ ವಿರುದ್ಧ ಪ್ರತಿಭಟನೆ
ಪಾಂಡವಪುರ, ಜು.2- ಮಾಜಿ ಪ್ರಧಾನಿ ಹೆಚ್.ಡಿ.ದೇವೇಗೌಡರ ಬಗ್ಗೆ ಕಾಂಗ್ರೆಸ್‌ನ ಮಾಜಿ ಶಾಸಕ ಕೆ.ಎನ್.ರಾಜಣ್ಣ ಅವಹೇಳನಕಾರಿಯಾಗಿ ಮಾತನಾಡಿದ್ದಾರೆ ಎಂದು ಆರೋಪಿಸಿ ಜೆಡಿಎಸ್ ಕಾರ್ಯಕರ್ತರು ಪಟ್ಟಣದಲ್ಲಿ ಪ್ರತಿಭಟನೆ ನಡೆಸಿದರು. ರಾಜಣ್ಣ ಅವರು ಕೂಡಲೇ ಕ್ಷಮೆಯಾಚಿಸಬೇಕು ಎಂದು ಆಗ್ರಹಿಸಿದರು. ಪ್ರತಿಭಟನಾಕಾರರು ರಾಜಣ್ಣ ಅವರ ಪ್ರತಿಕೃತಿ ದಹಿಸಿ ಆಕ್ರೋಶ ವ್ಯಕ್ತಪಡಿಸಿದರು. ಹಿರಿಯ ರಾಜಕಾರಣಿಯ ಬಗ್ಗೆ ಇಂತಹ ಹೇಳಿಕೆ ಖಂಡನೀಯ ಎಂದು ಮುಖಂಡರು ಹೇಳಿದರು. ಈ ಸಂದರ್ಭದಲ್ಲಿ ಜೆಡಿಎಸ್ ತಾಲೂಕು ಅಧ್ಯಕ್ಷರು, ಪುರಸಭೆ ಸದಸ್ಯರು, ಮಹಿಳಾ ಘಟಕದ ಪದಾಧಿಕಾರಿಗಳು, ಕಾರ್ಯಕರ್ತರು ಪಾಲ್ಗೊಂಡಿದ್ದರು. ಮುಂದಿನ ದಿನಗಳಲ್ಲಿ ಉಗ್ರ ಹೋರಾಟ ನಡೆಸುವುದಾಗಿ ಎಚ್ಚರಿಸಿದರು.
ಪಾಂಡವಪುರ, ಜು.2- ಮಾಜಿ ಪ್ರಧಾನಿ ಹೆಚ್.ಡಿ.ದೇವೇಗೌಡರ ಬಗ್ಗೆ ಕಾಂಗ್ರೆಸ್‌ನ ಮಾಜಿ ಶಾಸಕ ಕೆ.ಎನ್.ರಾಜಣ್ಣ ಅವಹೇಳನಕಾರಿಯಾಗಿ ಮಾತನಾಡಿದ್ದಾರೆ ಎಂದು ಆರೋಪಿಸಿ ಜೆಡಿಎಸ್ ಕಾರ್ಯಕರ್ತರು ಪಟ್ಟಣದಲ್ಲಿ ಪ್ರತಿಭಟನೆ ನಡೆಸಿದರು. ರಾಜಣ್ಣ ಅವರು ಕೂಡಲೇ ಕ್ಷಮೆಯಾಚಿಸಬೇಕು ಎಂದು ಆಗ್ರಹಿಸಿದರು. ಪ್ರತಿಭಟನಾಕಾರರು ರಾಜಣ್ಣ ಅವರ ಪ್ರತಿಕೃತಿ ದಹಿಸಿ ಆಕ್ರೋಶ ವ್ಯಕ್ತಪಡಿಸಿದರು. ಹಿರಿಯ ರಾಜಕಾರಣಿಯ ಬಗ್ಗೆ ಇಂತಹ ಹೇಳಿಕೆ ಖಂಡನೀಯ ಎಂದು ಮುಖಂಡರು ಹೇಳಿದರು. ಈ ಸಂದರ್ಭದಲ್ಲಿ ಜೆಡಿಎಸ್ ತಾಲೂಕು ಅಧ್ಯಕ್ಷರು, ಪುರಸಭೆ ಸದಸ್ಯರು, ಮಹಿಳಾ ಘಟಕದ ಪದಾಧಿಕಾರಿಗಳು, ಕಾರ್ಯಕರ್ತರು ಪಾಲ್ಗೊಂಡಿದ್ದರು. ಮುಂದಿನ ದಿನಗಳಲ್ಲಿ ಉಗ್ರ ಹೋರಾಟ ನಡೆಸುವುದಾಗಿ ಎಚ್ಚರಿಸಿದರು.
ಕೆಆರ್‌ಎಸ್ ಜಲಾಶಯದ ಒಳ ಹರಿವು ಹೆಚ್ಚಳ
ಶ್ರೀರಂಗಪಟ್ಟಣ, ಜು.2- ಕಾವೇರಿ ಜಲಾನಯನ ಪ್ರದೇಶದಲ್ಲಿ ಮಳೆ ಹೆಚ್ಚಾಗಿರುವ ಹಿನ್ನೆಲೆಯಲ್ಲಿ ಕೆಆರ್‌ಎಸ್ ಜಲಾಶಯದ ಒಳ ಹರಿವು ಹೆಚ್ಚಳವಾಗಿದೆ. ಜಲಾಶಯದ ನೀರಿನ ಮಟ್ಟ 108.46 ಅಡಿ ತಲುಪಿದ್ದು, ಒಳ ಹರಿವು 8,103 ಕ್ಯೂಸೆಕ್ ಇದೆ. ಹೊರ ಹರಿವು 1,215 ಕ್ಯೂಸೆಕ್ ಇದ್ದು, ಜಲಾಶಯದಲ್ಲಿ 30.202ಟಿಎಂಸಿ ನೀರಿನ ಸಂಗ್ರಹವಿದೆ.
ಶ್ರೀರಂಗಪಟ್ಟಣ, ಜು.2- ಕಾವೇರಿ ಜಲಾನಯನ ಪ್ರದೇಶದಲ್ಲಿ ಮಳೆ ಹೆಚ್ಚಾಗಿರುವ ಹಿನ್ನೆಲೆಯಲ್ಲಿ ಕೆಆರ್‌ಎಸ್ ಜಲಾಶಯದ ಒಳ ಹರಿವು ಹೆಚ್ಚಳವಾಗಿದೆ. ಜಲಾಶಯದ ನೀರಿನ ಮಟ್ಟ 108.46 ಅಡಿ ತಲುಪಿದ್ದು, ಒಳ ಹರಿವು 8,103 ಕ್ಯೂಸೆಕ್ ಇದೆ. ಹೊರ ಹರಿವು 1,215 ಕ್ಯೂಸೆಕ್ ಇದ್ದು, ಜಲಾಶಯದಲ್ಲಿ 30.202ಟಿಎಂಸಿ ನೀರಿನ ಸಂಗ್ರಹವಿದೆ.
ಸಾಲಬಾಧೆ: ರೈತ ಮಹಿಳೆ ಆತ್ಮಹತ್ಯೆ
ಮದ್ದೂರು, ಜು.2- ಸಾಲಬಾಧೆ ತಾಳಲಾರದೆ ರೈತ ಮಹಿಳೆಯೊಬ್ಬರು ವಿಷ ಸೇವಿಸಿ ಆತ್ಮಹತ್ಯೆ ಮಾಡಿಕೊಂಡಿರುವ ಘಟನೆ ತಾಲೂಕಿನ ಗ್ರಾಮದಲ್ಲಿ ನಡೆದಿದೆ. ಮೃತರು ಜಮೀನಿನಲ್ಲಿ ಕೃಷಿ ಮಾಡುತ್ತಿದ್ದರು. ಬೆಳೆ ನಷ್ಟದಿಂದ ಸಾಲ ತೀರಿಸಲಾಗದೆ ಮನನೊಂದಿದ್ದರು ಎನ್ನಲಾಗಿದೆ. ಬ್ಯಾಂಕ್ ಹಾಗೂ ಖಾಸಗಿಯಾಗಿ ಸುಮಾರು 5 ಲಕ್ಷ ರೂ. ಸಾಲ ಮಾಡಿದ್ದರು. ಮೃತರ ಪತಿ ನೀಡಿದ ದೂರಿನ ಮೇರೆಗೆ ಪ್ರಕರಣ ದಾಖಲಿಸಿಕೊಂಡಿರುವ ಪೊಲೀಸರು ತನಿಖೆ ನಡೆಸುತ್ತಿದ್ದಾರೆ. ಸರ್ಕಾರ ಮೃತರ ಕುಟುಂಬಕ್ಕೆ ಪರಿಹಾರ ನೀಡಬೇಕು ಎಂದು ರೈತ ಸಂಘಟನೆಗಳು ಆಗ್ರಹಿಸಿವೆ.
ಇಂದು ಹಲವೆಡೆ ವಿದ್ಯುತ್ ವ್ಯತ್ಯಯ
ಮದ್ದೂರು,ಜು.2-ಮಂಡ್ಯ-ಬೆಂಗಳೂರು ಮುಖ್ಯ ವಿದ್ಯುತ್ ಮಾರ್ಗದಲ್ಲಿ ತುರ್ತು ನಿರ್ವಹಣಾ ಕಾಮಗಾರಿ ಹಮ್ಮಿಕೊಂಡಿರುವುದರಿಂದ ಜು.3ರಂದು ಬೆಳಿಗ್ಗೆ 10 ರಿಂದ ಸಂಜೆ 5 ಗಂಟೆಯವರೆಗೆ ತಾಲೂಕಿನ ಹಲವು ಗ್ರಾಮಗಳಲ್ಲಿ ವಿದ್ಯುತ್ ವ್ಯತ್ಯಯ ಉಂಟಾಗಲಿದೆ. ಸಾರ್ವಜನಿಕರು ಸಹಕರಿಸುವಂತೆ ಸೆಸ್ಕ್ ಕಾರ್ಯನಿರ್ವಾಹಕ ಎಂಜಿನಿಯರ್ ಕೋರಿದ್ದಾರೆ.
ಕತ್ತು ಕೊಯ್ದು
ಯುವಕನ ಕೊಲೆ
ಶ್ರೀರಂಗಪಟ್ಟಣ, ಜು.2- ಯುವಕನೊಬ್ಬನನ್ನು ದುಷ್ಕರ್ಮಿಗಳು ಕತ್ತು ಕೊಯ್ದು ಕೊಲೆ ಮಾಡಿರುವ ಘಟನೆ ತಾಲೂಕಿನ ಗ್ರಾಮದ ಬಳಿ ನಡೆದಿದೆ. ಮೃತ ಯುವಕನ ಶವ ಜಮೀನಿನಲ್ಲಿ ಪತ್ತೆಯಾಗಿದ್ದು, ಹಳೆ ದ್ವೇಷದ ಹಿನ್ನೆಲೆಯಲ್ಲಿ ಕೊಲೆ ನಡೆದಿರಬಹುದು ಎಂದು ಶಂಕಿಸಲಾಗಿದೆ. ಸ್ಥಳಕ್ಕೆ ಪೊಲೀಸ್ ಅಧಿಕಾರಿಗಳು ಭೇಟಿ ನೀಡಿ ಪರಿಶೀಲನೆ ನಡೆಸಿದರು. ಶ್ವಾನದಳ ಹಾಗೂ ಬೆರಳಚ್ಚು ತಜ್ಞರು ಸ್ಥಳದಲ್ಲಿ ಸಾಕ್ಷ್ಯ ಸಂಗ್ರಹಿಸಿದರು. ಆರೋಪಿಗಳ ಪತ್ತೆಗೆ ಬಲೆ ಬೀಸಲಾಗಿದೆ. ಮೃತನ ಕುಟುಂಬಸ್ಥರು ನೀಡಿದ ದೂರಿನ ಮೇರೆಗೆ ಪ್ರಕರಣ ದಾಖಲಾಗಿದೆ. ಗ್ರಾಮದಲ್ಲಿ ಆತಂಕದ ವಾತಾವರಣ ನಿರ್ಮಾಣವಾಗಿದೆ. ಮುಂಜಾಗ್ರತಾ ಕ್ರಮವಾಗಿ ಗ್ರಾಮದಲ್ಲಿ ಪೊಲೀಸ್ ಬಂದೋಬಸ್ತ್ ಏರ್ಪಡಿಸಲಾಗಿದೆ. ತನಿಖೆ ಮುಂದುವರಿದಿದೆ.
ದೇವೇಗೌಡರ ವಿರುದ್ಧ ಕೆ.ಎನ್.ರಾಜಣ್ಣ
ಹೇಳಿಕೆ: ಕಾಂಗ್ರೆಸ್ ಭವಿಷ್ಯಕ್ಕೆ ಕೊಡಲಿ ಪೆಟ್ಟು
ಮಂಡ್ಯ, ಜು.2(ಶಿವಕುಮಾರ್)- ಮಾಜಿ ಪ್ರಧಾನಿ ಹೆಚ್.ಡಿ.ದೇವೇಗೌಡರ ಬಗ್ಗೆ ಮಾತನಾಡಿರುವ ಮಾಜಿ ಶಾಸಕ ಕೆ.ಎನ್.ರಾಜಣ್ಣ ಅವರ ಹೇಳಿಕೆ ಕಾಂಗ್ರೆಸ್ ಭವಿಷ್ಯಕ್ಕೆ ಕೊಡಲಿ ಪೆಟ್ಟು ನೀಡಲಿದೆ ಎಂದು ಜೆಡಿಎಸ್ ಮುಖಂಡರು ಹೇಳಿದರು. ನಗರದಲ್ಲಿ ಸುದ್ದಿಗೋಷ್ಠಿಯಲ್ಲಿ ಮಾತನಾಡಿದ ಅವರು, ದೇವೇಗೌಡರು ರಾಷ್ಟ್ರ ರಾಜಕಾರಣದಲ್ಲಿ ಗೌರವದ ಸ್ಥಾನ ಹೊಂದಿದ್ದಾರೆ. ಅವರ ಬಗ್ಗೆ ಲಘುವಾಗಿ ಮಾತನಾಡುವುದು ಸರಿಯಲ್ಲ. ರಾಜ್ಯದ ಜನತೆ ಇದನ್ನು ಸಹಿಸುವುದಿಲ್ಲ. ಕಾಂಗ್ರೆಸ್ ಹೈಕಮಾಂಡ್ ಕೂಡಲೇ ರಾಜಣ್ಣ ವಿರುದ್ಧ ಕ್ರಮ ಕೈಗೊಳ್ಳಬೇಕು ಎಂದು ಒತ್ತಾಯಿಸಿದರು. ಮುಂಬರುವ ಚುನಾವಣೆಯಲ್ಲಿ ಜನರು ತಕ್ಕ ಪಾಠ ಕಲಿಸಲಿದ್ದಾರೆ ಎಂದರು. ಜಿಲ್ಲೆಯ ಅಭಿವೃದ್ಧಿಗೆ ದೇವೇಗೌಡರ ಕೊಡುಗೆ ಅಪಾರ. ನೀರಾವರಿ ಯೋಜನೆಗಳನ್ನು ಜಾರಿಗೊಳಿಸಿ ರೈತರ ಬದುಕು ಹಸನಾಗಿಸಿದ್ದಾರೆ. ಬೆಂಗಳೂರು-ಮೈಸೂರು ಹೆದ್ದಾರಿ ಕಾಮಗಾರಿಯ ಶ್ರೇಯ ಯಾರಿಗೆ ಸಲ್ಲಬೇಕು ಎಂಬ ಬಗ್ಗೆಯೂ ಚರ್ಚೆ ನಡೆಯುತ್ತಿದೆ. ಈ ಸಂದರ್ಭದಲ್ಲಿ ಜಿಲ್ಲಾಧ್ಯಕ್ಷರು, ಶಾಸಕರು, ಮುಖಂಡರು ಉಪಸ್ಥಿತರಿದ್ದರು. ಹೆದ್ದಾರಿ ನಿರ್ಮಾಣದ ಕೀರ್ತಿ ಕೇಂದ್ರ ಸರ್ಕಾರಕ್ಕೆ ಸಲ್ಲಬೇಕು ಎಂದು ಕೆಲವರು ಹೇಳುತ್ತಿದ್ದಾರೆ. ಆದರೆ ಯೋಜನೆಗೆ ಚಾಲನೆ ನೀಡಿದ್ದು ಯಾರು ಎಂಬುದು ಜನರಿಗೆ ಗೊತ್ತಿದೆ ಎಂದು ಅವರು ತಿಳಿಸಿದರು. ಪಕ್ಷದ ಕಾರ್ಯಕರ್ತರು ಸಂಘಟಿತರಾಗಿ ಚುನಾವಣೆ ಎದುರಿಸಲು ಸಿದ್ಧರಾಗಬೇಕು ಎಂದು ಕರೆ ನೀಡಿದರು.
ಮಂಡ್ಯ
ಮಂಡ್ಯ, ಜು.2(ಶಿವಕುಮಾರ್)- ಮಾಜಿ ಪ್ರಧಾನಿ ಹೆಚ್.ಡಿ.ದೇವೇಗೌಡರ ಬಗ್ಗೆ ಮಾತನಾಡಿರುವ ಮಾಜಿ ಶಾಸಕ ಕೆ.ಎನ್.ರಾಜಣ್ಣ ಅವರ ಹೇಳಿಕೆ ಕಾಂಗ್ರೆಸ್ ಭವಿಷ್ಯಕ್ಕೆ ಕೊಡಲಿ ಪೆಟ್ಟು ನೀಡಲಿದೆ ಎಂದು ಜೆಡಿಎಸ್ ಮುಖಂಡರು ಹೇಳಿದರು. ನಗರದಲ್ಲಿ ಸುದ್ದಿಗೋಷ್ಠಿಯಲ್ಲಿ ಮಾತನಾಡಿದ ಅವರು, ದೇವೇಗೌಡರು ರಾಷ್ಟ್ರ ರಾಜಕಾರಣದಲ್ಲಿ ಗೌರವದ ಸ್ಥಾನ ಹೊಂದಿದ್ದಾರೆ. ಅವರ ಬಗ್ಗೆ ಲಘುವಾಗಿ ಮಾತನಾಡುವುದು ಸರಿಯಲ್ಲ. ರಾಜ್ಯದ ಜನತೆ ಇದನ್ನು ಸಹಿಸುವುದಿಲ್ಲ. ಕಾಂಗ್ರೆಸ್ ಹೈಕಮಾಂಡ್ ಕೂಡಲೇ ರಾಜಣ್ಣ ವಿರುದ್ಧ ಕ್ರಮ ಕೈಗೊಳ್ಳಬೇಕು ಎಂದು ಒತ್ತಾಯಿಸಿದರು. ಮುಂಬರುವ ಚುನಾವಣೆಯಲ್ಲಿ ಜನರು ತಕ್ಕ ಪಾಠ ಕಲಿಸಲಿದ್ದಾರೆ ಎಂದರು. ಜಿಲ್ಲೆಯ ಅಭಿವೃದ್ಧಿಗೆ ದೇವೇಗೌಡರ ಕೊಡುಗೆ ಅಪಾರ. ನೀರಾವರಿ ಯೋಜನೆಗಳನ್ನು ಜಾರಿಗೊಳಿಸಿ ರೈತರ ಬದುಕು ಹಸನಾಗಿಸಿದ್ದಾರೆ. ಬೆಂಗಳೂರು-ಮೈಸೂರು ಹೆದ್ದಾರಿ ಕಾಮಗಾರಿಯ ಶ್ರೇಯ ಯಾರಿಗೆ ಸಲ್ಲಬೇಕು ಎಂಬ ಬಗ್ಗೆಯೂ ಚರ್ಚೆ ನಡೆಯುತ್ತಿದೆ. ಈ ಸಂದರ್ಭದಲ್ಲಿ ಜಿಲ್ಲಾಧ್ಯಕ್ಷರು, ಶಾಸಕರು, ಮುಖಂಡರು ಉಪಸ್ಥಿತರಿದ್ದರು. ಹೆದ್ದಾರಿ ನಿರ್ಮಾಣದ ಕೀರ್ತಿ ಕೇಂದ್ರ ಸರ್ಕಾರಕ್ಕೆ ಸಲ್ಲಬೇಕು ಎಂದು ಕೆಲವರು ಹೇಳುತ್ತಿದ್ದಾರೆ. ಆದರೆ ಯೋಜನೆಗೆ ಚಾಲನೆ ನೀಡಿದ್ದು ಯಾರು ಎಂಬುದು ಜನರಿಗೆ ಗೊತ್ತಿದೆ ಎಂದು ಅವರು ತಿಳಿಸಿದರು. ಪಕ್ಷದ ಕಾರ್ಯಕರ್ತರು ಸಂಘಟಿತರಾಗಿ ಚುನಾವಣೆ ಎದುರಿಸಲು ಸಿದ್ಧರಾಗಬೇಕು ಎಂದು ಕರೆ ನೀಡಿದರು.
ಚೆಂ-ಮ್ಯ ಹೆದ್ದಾರಿ ಕ್ರೆಡಿಟ್ ಪ್ರತಾಪ್ ಸಿಂಹ, ಸುಮಲತಾಗಲ್ಲ ನಡ್ಗೆ ಸ್ಪಲಗಕೆ
ಮಂಡ್ಯ, ಜು.2(ಶಿವಕುಮಾರ್)- ಮಾಜಿ ಪ್ರಧಾನಿ ಹೆಚ್.ಡಿ.ದೇವೇಗೌಡರ ಬಗ್ಗೆ ಮಾತನಾಡಿರುವ ಮಾಜಿ ಶಾಸಕ ಕೆ.ಎನ್.ರಾಜಣ್ಣ ಅವರ ಹೇಳಿಕೆ ಕಾಂಗ್ರೆಸ್ ಭವಿಷ್ಯಕ್ಕೆ ಕೊಡಲಿ ಪೆಟ್ಟು ನೀಡಲಿದೆ ಎಂದು ಜೆಡಿಎಸ್ ಮುಖಂಡರು ಹೇಳಿದರು. ನಗರದಲ್ಲಿ ಸುದ್ದಿಗೋಷ್ಠಿಯಲ್ಲಿ ಮಾತನಾಡಿದ ಅವರು, ದೇವೇಗೌಡರು ರಾಷ್ಟ್ರ ರಾಜಕಾರಣದಲ್ಲಿ ಗೌರವದ ಸ್ಥಾನ ಹೊಂದಿದ್ದಾರೆ. ಅವರ ಬಗ್ಗೆ ಲಘುವಾಗಿ ಮಾತನಾಡುವುದು ಸರಿಯಲ್ಲ. ರಾಜ್ಯದ ಜನತೆ ಇದನ್ನು ಸಹಿಸುವುದಿಲ್ಲ. ಕಾಂಗ್ರೆಸ್ ಹೈಕಮಾಂಡ್ ಕೂಡಲೇ ರಾಜಣ್ಣ ವಿರುದ್ಧ ಕ್ರಮ ಕೈಗೊಳ್ಳಬೇಕು ಎಂದು ಒತ್ತಾಯಿಸಿದರು. ಮುಂಬರುವ ಚುನಾವಣೆಯಲ್ಲಿ ಜನರು ತಕ್ಕ ಪಾಠ ಕಲಿಸಲಿದ್ದಾರೆ ಎಂದರು. ಜಿಲ್ಲೆಯ ಅಭಿವೃದ್ಧಿಗೆ ದೇವೇಗೌಡರ ಕೊಡುಗೆ ಅಪಾರ. ನೀರಾವರಿ ಯೋಜನೆಗಳನ್ನು ಜಾರಿಗೊಳಿಸಿ ರೈತರ ಬದುಕು ಹಸನಾಗಿಸಿದ್ದಾರೆ. ಬೆಂಗಳೂರು-ಮೈಸೂರು ಹೆದ್ದಾರಿ ಕಾಮಗಾರಿಯ ಶ್ರೇಯ ಯಾರಿಗೆ ಸಲ್ಲಬೇಕು ಎಂಬ ಬಗ್ಗೆಯೂ ಚರ್ಚೆ ನಡೆಯುತ್ತಿದೆ. ಈ ಸಂದರ್ಭದಲ್ಲಿ ಜಿಲ್ಲಾಧ್ಯಕ್ಷರು, ಶಾಸಕರು, ಮುಖಂಡರು ಉಪಸ್ಥಿತರಿದ್ದರು. ಹೆದ್ದಾರಿ ನಿರ್ಮಾಣದ ಕೀರ್ತಿ ಕೇಂದ್ರ ಸರ್ಕಾರಕ್ಕೆ ಸಲ್ಲಬೇಕು ಎಂದು ಕೆಲವರು ಹೇಳುತ್ತಿದ್ದಾರೆ. ಆದರೆ ಯೋಜನೆಗೆ ಚಾಲನೆ ನೀಡಿದ್ದು ಯಾರು ಎಂಬುದು ಜನರಿಗೆ ಗೊತ್ತಿದೆ ಎಂದು ಅವರು ತಿಳಿಸಿದರು. ಪಕ್ಷದ ಕಾರ್ಯಕರ್ತರು ಸಂಘಟಿತರಾಗಿ ಚುನಾವಣೆ ಎದುರಿಸಲು ಸಿದ್ಧರಾಗಬೇಕು ಎಂದು ಕರೆ ನೀಡಿದರು.
